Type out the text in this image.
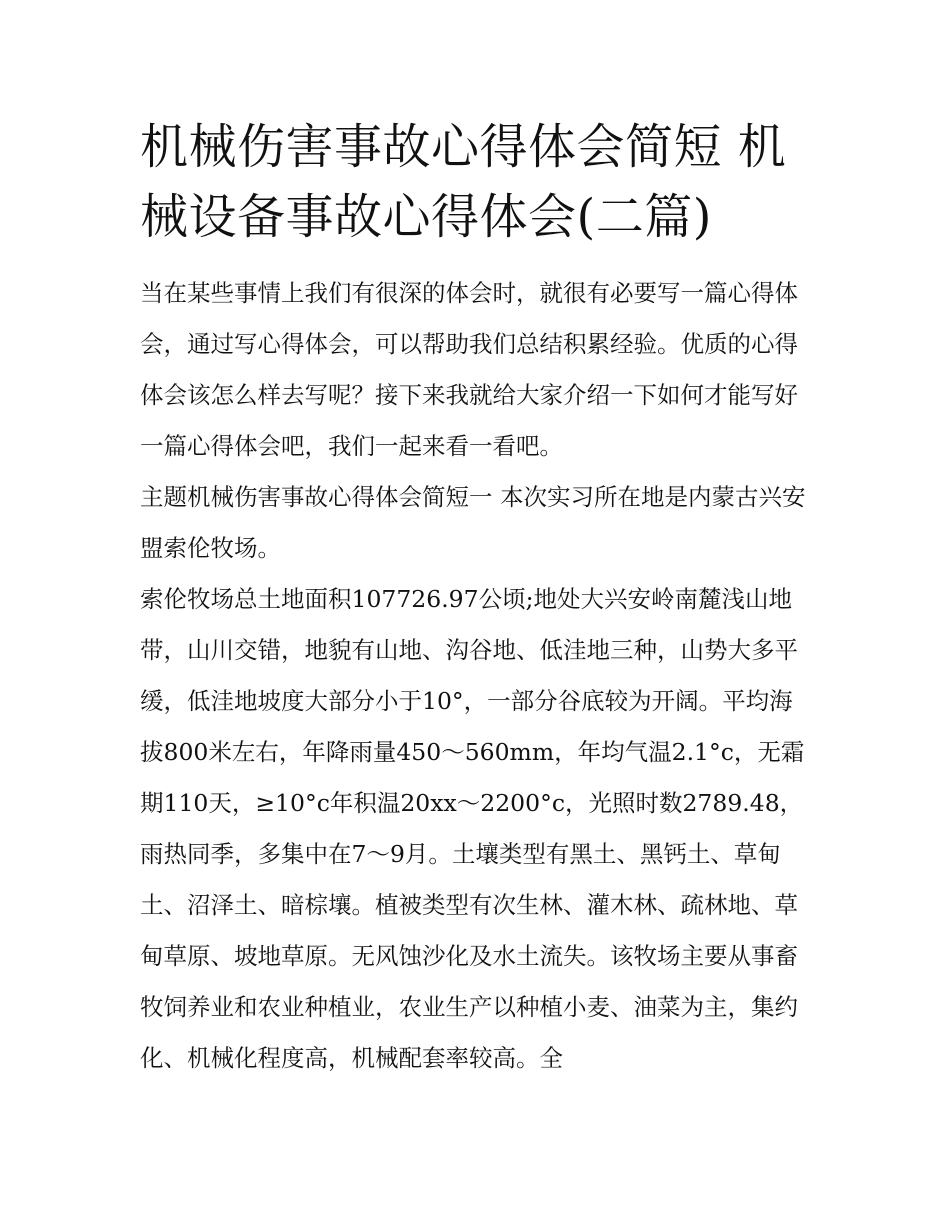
机械伤害事故心得体会简短 机械设备事故心得体会(二篇)

当在某些事情上我们有很深的体会时，就很有必要写一篇心得体会，通过写心得体会，可以帮助我们总结积累经验。优质的心得体会该怎么样去写呢？接下来我就给大家介绍一下如何才能写好一篇心得体会吧，我们一起来看一看吧。

主题机械伤害事故心得体会简短一 本次实习所在地是内蒙古兴安盟索伦牧场。

索伦牧场总土地面积107726.97公顷;地处大兴安岭南麓浅山地带，山川交错，地貌有山地、沟谷地、低洼地三种，山势大多平缓，低洼地坡度大部分小于10°，一部分谷底较为开阔。平均海拔800米左右，年降雨量450～560mm，年均气温2.1°c，无霜期110天，≥10°c年积温20xx～2200°c，光照时数2789.48，雨热同季，多集中在7～9月。土壤类型有黑土、黑钙土、草甸土、沼泽土、暗棕壤。植被类型有次生林、灌木林、疏林地、草甸草原、坡地草原。无风蚀沙化及水土流失。该牧场主要从事畜牧饲养业和农业种植业，农业生产以种植小麦、油菜为主，集约化、机械化程度高，机械配套率较高。全
